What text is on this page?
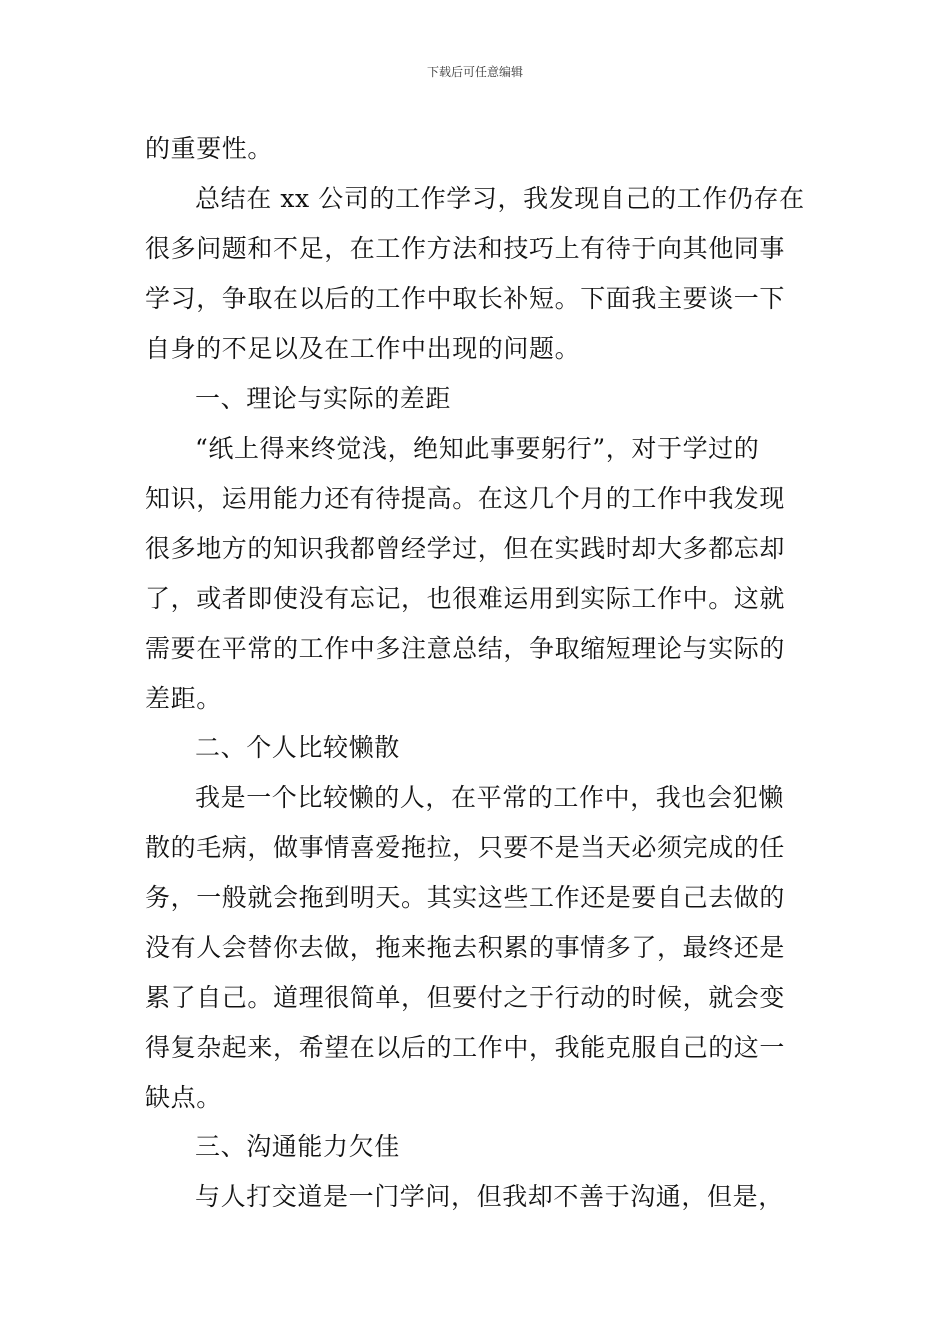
下载后可任意编辑
的重要性。
总结在 xx 公司的工作学习，我发现自己的工作仍存在
很多问题和不足，在工作方法和技巧上有待于向其他同事
学习，争取在以后的工作中取长补短。下面我主要谈一下
自身的不足以及在工作中出现的问题。
一、理论与实际的差距
“纸上得来终觉浅，绝知此事要躬行”，对于学过的
知识，运用能力还有待提高。在这几个月的工作中我发现
很多地方的知识我都曾经学过，但在实践时却大多都忘却
了，或者即使没有忘记，也很难运用到实际工作中。这就
需要在平常的工作中多注意总结，争取缩短理论与实际的
差距。
二、个人比较懒散
我是一个比较懒的人，在平常的工作中，我也会犯懒
散的毛病，做事情喜爱拖拉，只要不是当天必须完成的任
务，一般就会拖到明天。其实这些工作还是要自己去做的
没有人会替你去做，拖来拖去积累的事情多了，最终还是
累了自己。道理很简单，但要付之于行动的时候，就会变
得复杂起来，希望在以后的工作中，我能克服自己的这一
缺点。
三、沟通能力欠佳
与人打交道是一门学问，但我却不善于沟通，但是，
